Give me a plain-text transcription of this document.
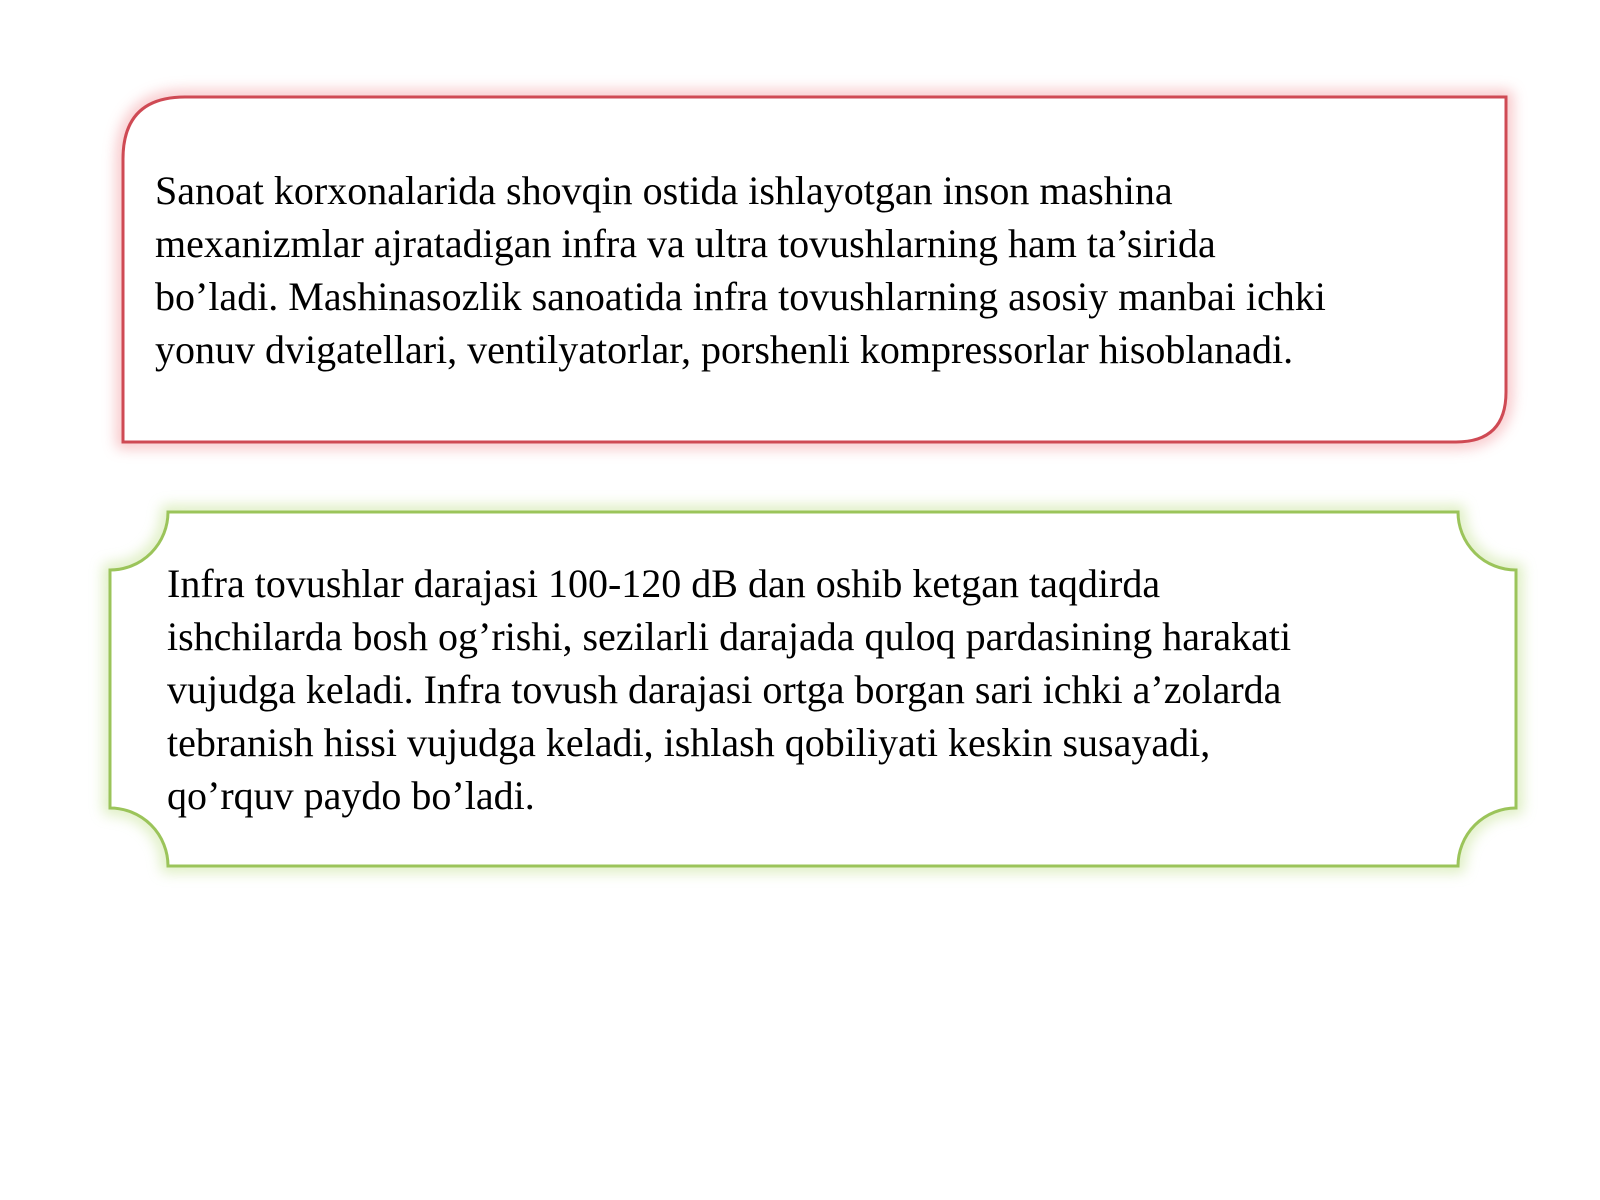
Sanoat korxonalarida shovqin ostida ishlayotgan inson mashina
mexanizmlar ajratadigan infra va ultra tovushlarning ham ta’sirida
bo’ladi. Mashinasozlik sanoatida infra tovushlarning asosiy manbai ichki
yonuv dvigatellari, ventilyatorlar, porshenli kompressorlar hisoblanadi.
Infra tovushlar darajasi 100-120 dB dan oshib ketgan taqdirda
ishchilarda bosh og’rishi, sezilarli darajada quloq pardasining harakati
vujudga keladi. Infra tovush darajasi ortga borgan sari ichki a’zolarda
tebranish hissi vujudga keladi, ishlash qobiliyati keskin susayadi,
qo’rquv paydo bo’ladi.
